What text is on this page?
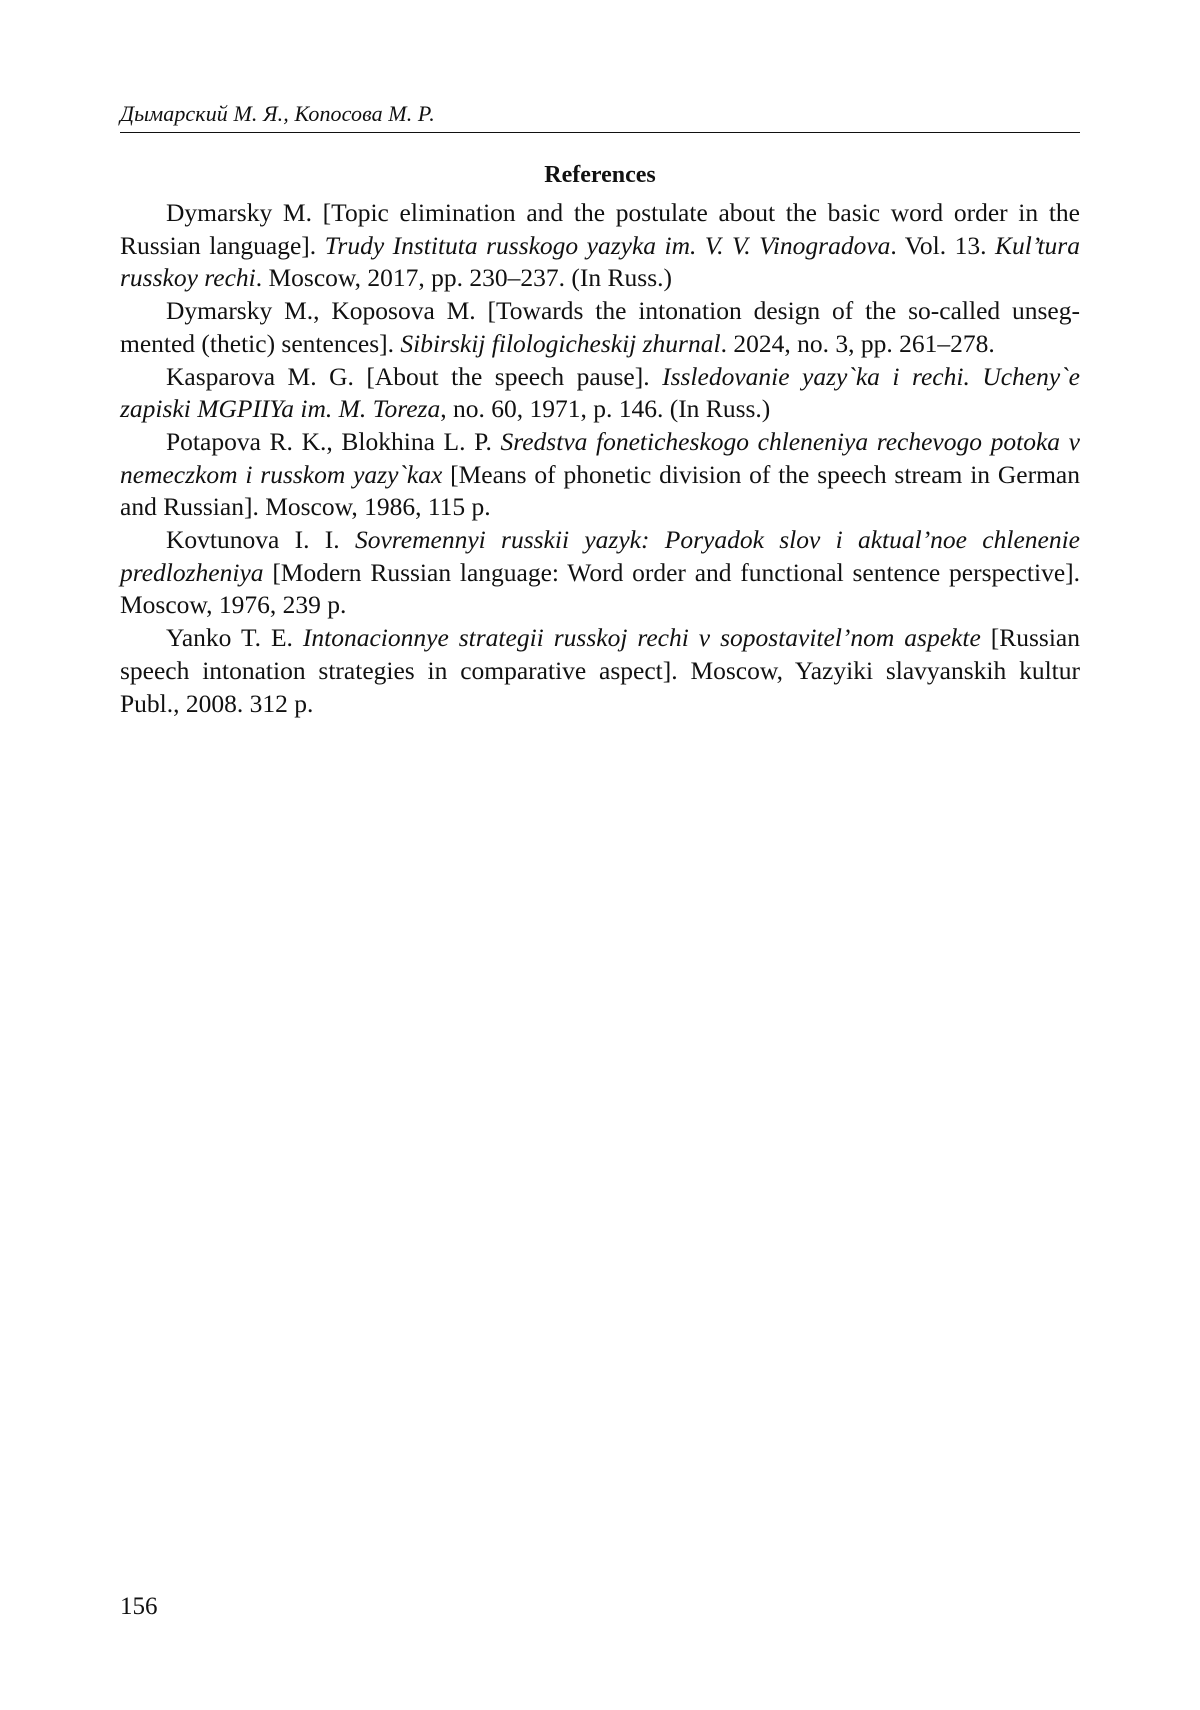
Дымарский М. Я., Копосова М. Р.
References

Dymarsky M. [Topic elimination and the postulate about the basic word order in the Russian language]. Trudy Instituta russkogo yazyka im. V. V. Vinogradova. Vol. 13. Kul’tura russkoy rechi. Moscow, 2017, pp. 230–237. (In Russ.)

Dymarsky M., Koposova M. [Towards the intonation design of the so-called unsegmented (thetic) sentences]. Sibirskij filologicheskij zhurnal. 2024, no. 3, pp. 261–278.

Kasparova M. G. [About the speech pause]. Issledovanie yazy`ka i rechi. Ucheny`e zapiski MGPIIYa im. M. Toreza, no. 60, 1971, p. 146. (In Russ.)

Potapova R. K., Blokhina L. P. Sredstva foneticheskogo chleneniya rechevogo potoka v nemeczkom i russkom yazy`kax [Means of phonetic division of the speech stream in German and Russian]. Moscow, 1986, 115 p.

Kovtunova I. I. Sovremennyi russkii yazyk: Poryadok slov i aktual’noe chlenenie predlozheniya [Modern Russian language: Word order and functional sentence perspective]. Moscow, 1976, 239 p.

Yanko T. E. Intonacionnye strategii russkoj rechi v sopostavitel’nom aspekte [Russian speech intonation strategies in comparative aspect]. Moscow, Yazyiki slavyanskih kultur Publ., 2008. 312 p.

156
